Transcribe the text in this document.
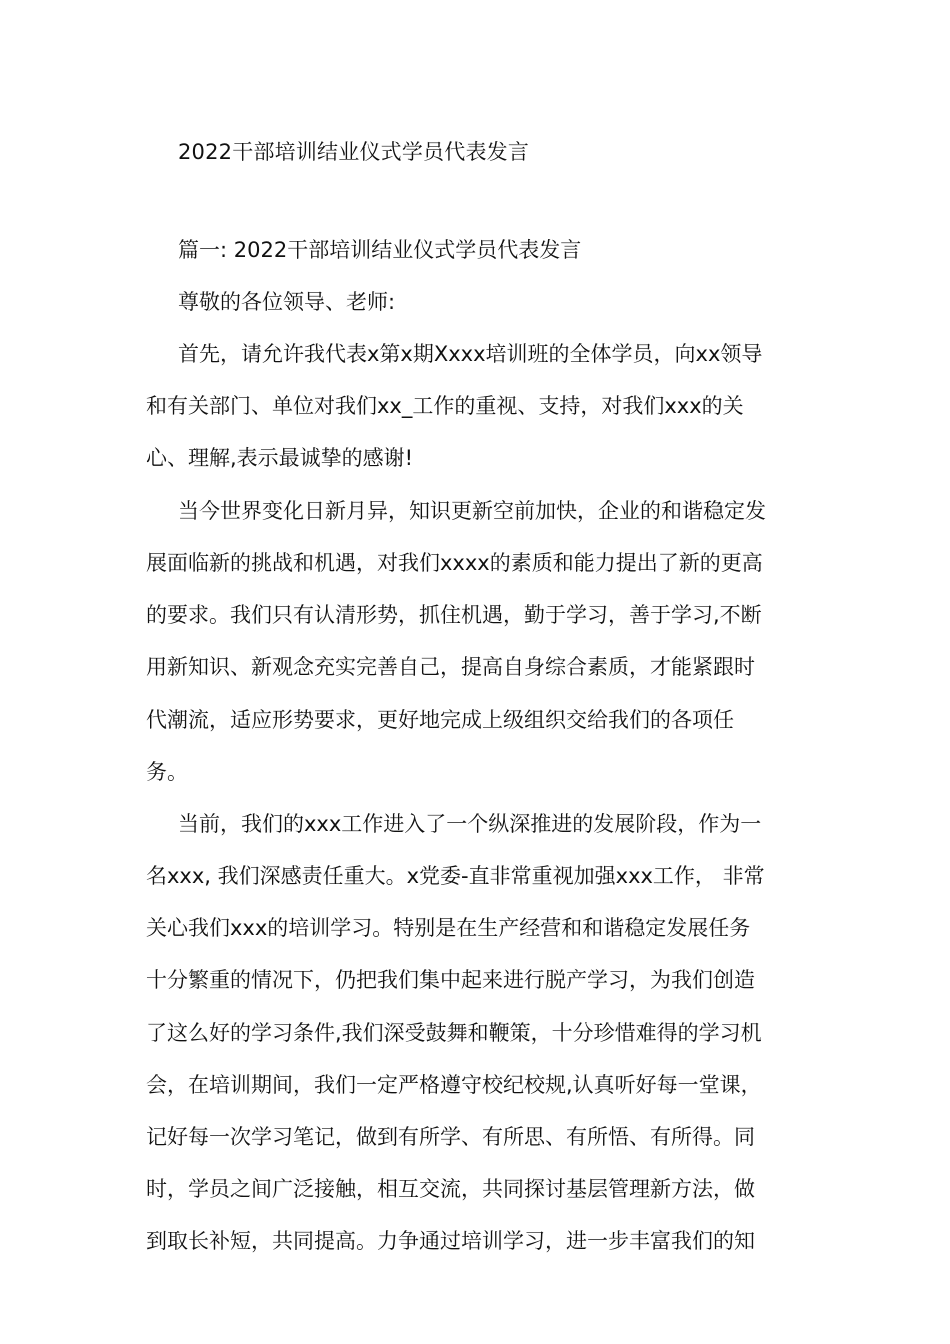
2022干部培训结业仪式学员代表发言
篇一: 2022干部培训结业仪式学员代表发言
尊敬的各位领导、老师:
首先，请允许我代表x第x期Xxxx培训班的全体学员，向xx领导
和有关部门、单位对我们xx_工作的重视、支持，对我们xxx的关
心、理解,表示最诚挚的感谢!
当今世界变化日新月异，知识更新空前加快，企业的和谐稳定发
展面临新的挑战和机遇，对我们xxxx的素质和能力提出了新的更高
的要求。我们只有认清形势，抓住机遇，勤于学习，善于学习,不断
用新知识、新观念充实完善自己，提高自身综合素质，才能紧跟时
代潮流，适应形势要求，更好地完成上级组织交给我们的各项任
务。
当前，我们的xxx工作进入了一个纵深推进的发展阶段，作为一
名xxx, 我们深感责任重大。x党委-直非常重视加强xxx工作， 非常
关心我们xxx的培训学习。特别是在生产经营和和谐稳定发展任务
十分繁重的情况下，仍把我们集中起来进行脱产学习，为我们创造
了这么好的学习条件,我们深受鼓舞和鞭策，十分珍惜难得的学习机
会，在培训期间，我们一定严格遵守校纪校规,认真听好每一堂课，
记好每一次学习笔记，做到有所学、有所思、有所悟、有所得。同
时，学员之间广泛接触，相互交流，共同探讨基层管理新方法，做
到取长补短，共同提高。力争通过培训学习，进一步丰富我们的知
